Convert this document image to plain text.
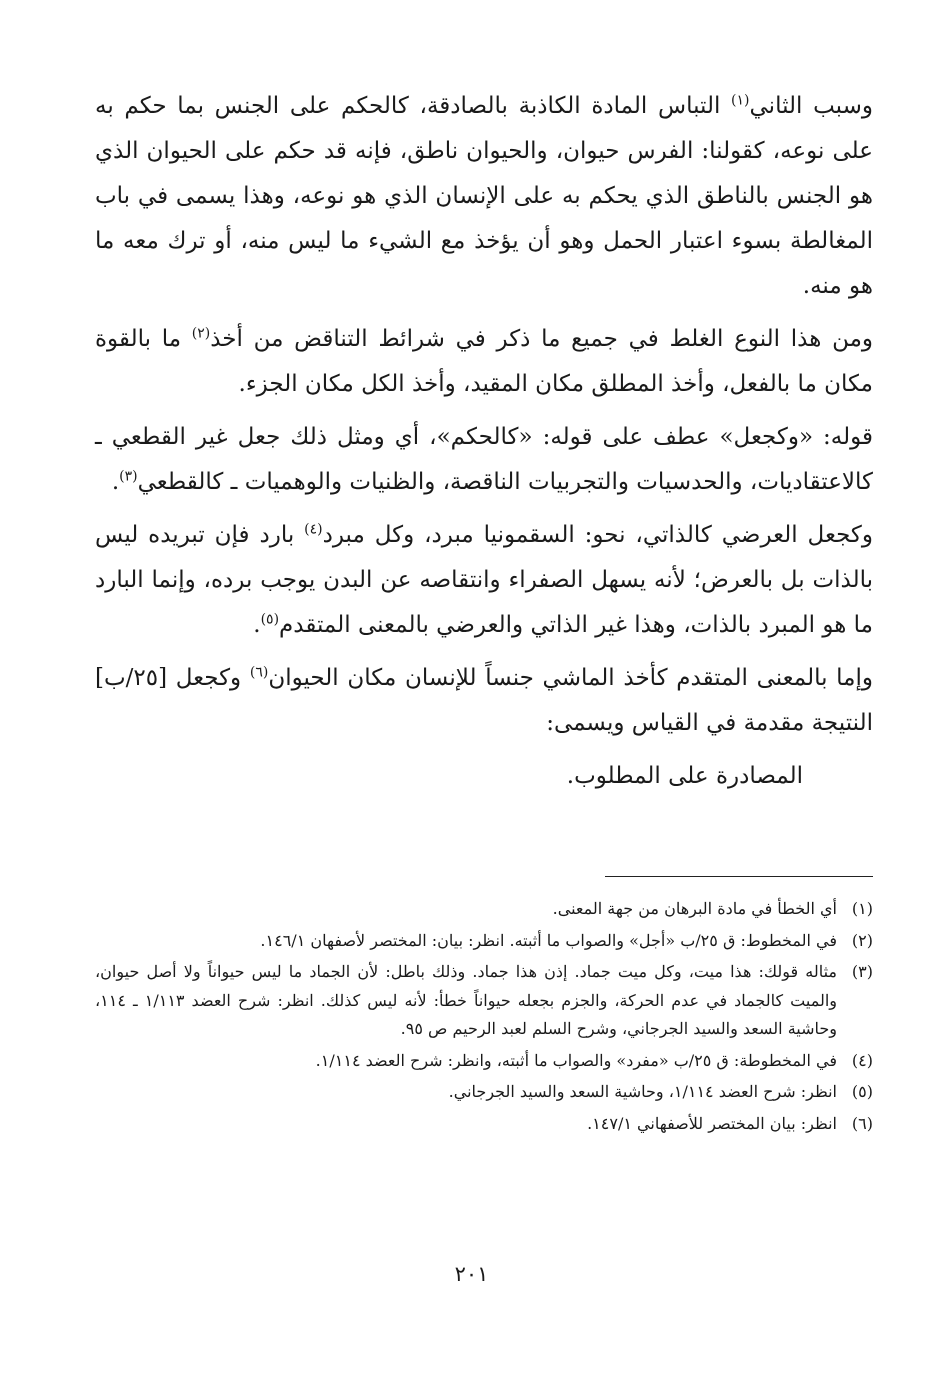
وسبب الثاني$^{(١)}$ التباس المادة الكاذبة بالصادقة، كالحكم على الجنس بما حكم به على نوعه، كقولنا: الفرس حيوان، والحيوان ناطق، فإنه قد حكم على الحيوان الذي هو الجنس بالناطق الذي يحكم به على الإنسان الذي هو نوعه، وهذا يسمى في باب المغالطة بسوء اعتبار الحمل وهو أن يؤخذ مع الشيء ما ليس منه، أو ترك معه ما هو منه.

ومن هذا النوع الغلط في جميع ما ذكر في شرائط التناقض من أخذ$^{(٢)}$ ما بالقوة مكان ما بالفعل، وأخذ المطلق مكان المقيد، وأخذ الكل مكان الجزء.

قوله: «وكجعل» عطف على قوله: «كالحكم»، أي ومثل ذلك جعل غير القطعي ـ كالاعتقاديات، والحدسيات والتجربيات الناقصة، والظنيات والوهميات ـ كالقطعي$^{(٣)}$.

وكجعل العرضي كالذاتي، نحو: السقمونيا مبرد، وكل مبرد$^{(٤)}$ بارد فإن تبريده ليس بالذات بل بالعرض؛ لأنه يسهل الصفراء وانتقاصه عن البدن يوجب برده، وإنما البارد ما هو المبرد بالذات، وهذا غير الذاتي والعرضي بالمعنى المتقدم$^{(٥)}$.

وإما بالمعنى المتقدم كأخذ الماشي جنساً للإنسان مكان الحيوان$^{(٦)}$ وكجعل [٢٥/ب] النتيجة مقدمة في القياس ويسمى:

المصادرة على المطلوب.

(١)
أي الخطأ في مادة البرهان من جهة المعنى.
(٢)
في المخطوط: ق ٢٥/ب «أجل» والصواب ما أثبته. انظر: بيان: المختصر لأصفهان ١٤٦/١.
(٣)
مثاله قولك: هذا ميت، وكل ميت جماد. إذن هذا جماد. وذلك باطل: لأن الجماد ما ليس حيواناً ولا أصل حيوان، والميت كالجماد في عدم الحركة، والجزم بجعله حيواناً خطأ: لأنه ليس كذلك. انظر: شرح العضد ١/١١٣ ـ ١١٤، وحاشية السعد والسيد الجرجاني، وشرح السلم لعبد الرحيم ص ٩٥.
(٤)
في المخطوطة: ق ٢٥/ب «مفرد» والصواب ما أثبته، وانظر: شرح العضد ١/١١٤.
(٥)
انظر: شرح العضد ١/١١٤، وحاشية السعد والسيد الجرجاني.
(٦)
انظر: بيان المختصر للأصفهاني ١٤٧/١.
٢٠١
